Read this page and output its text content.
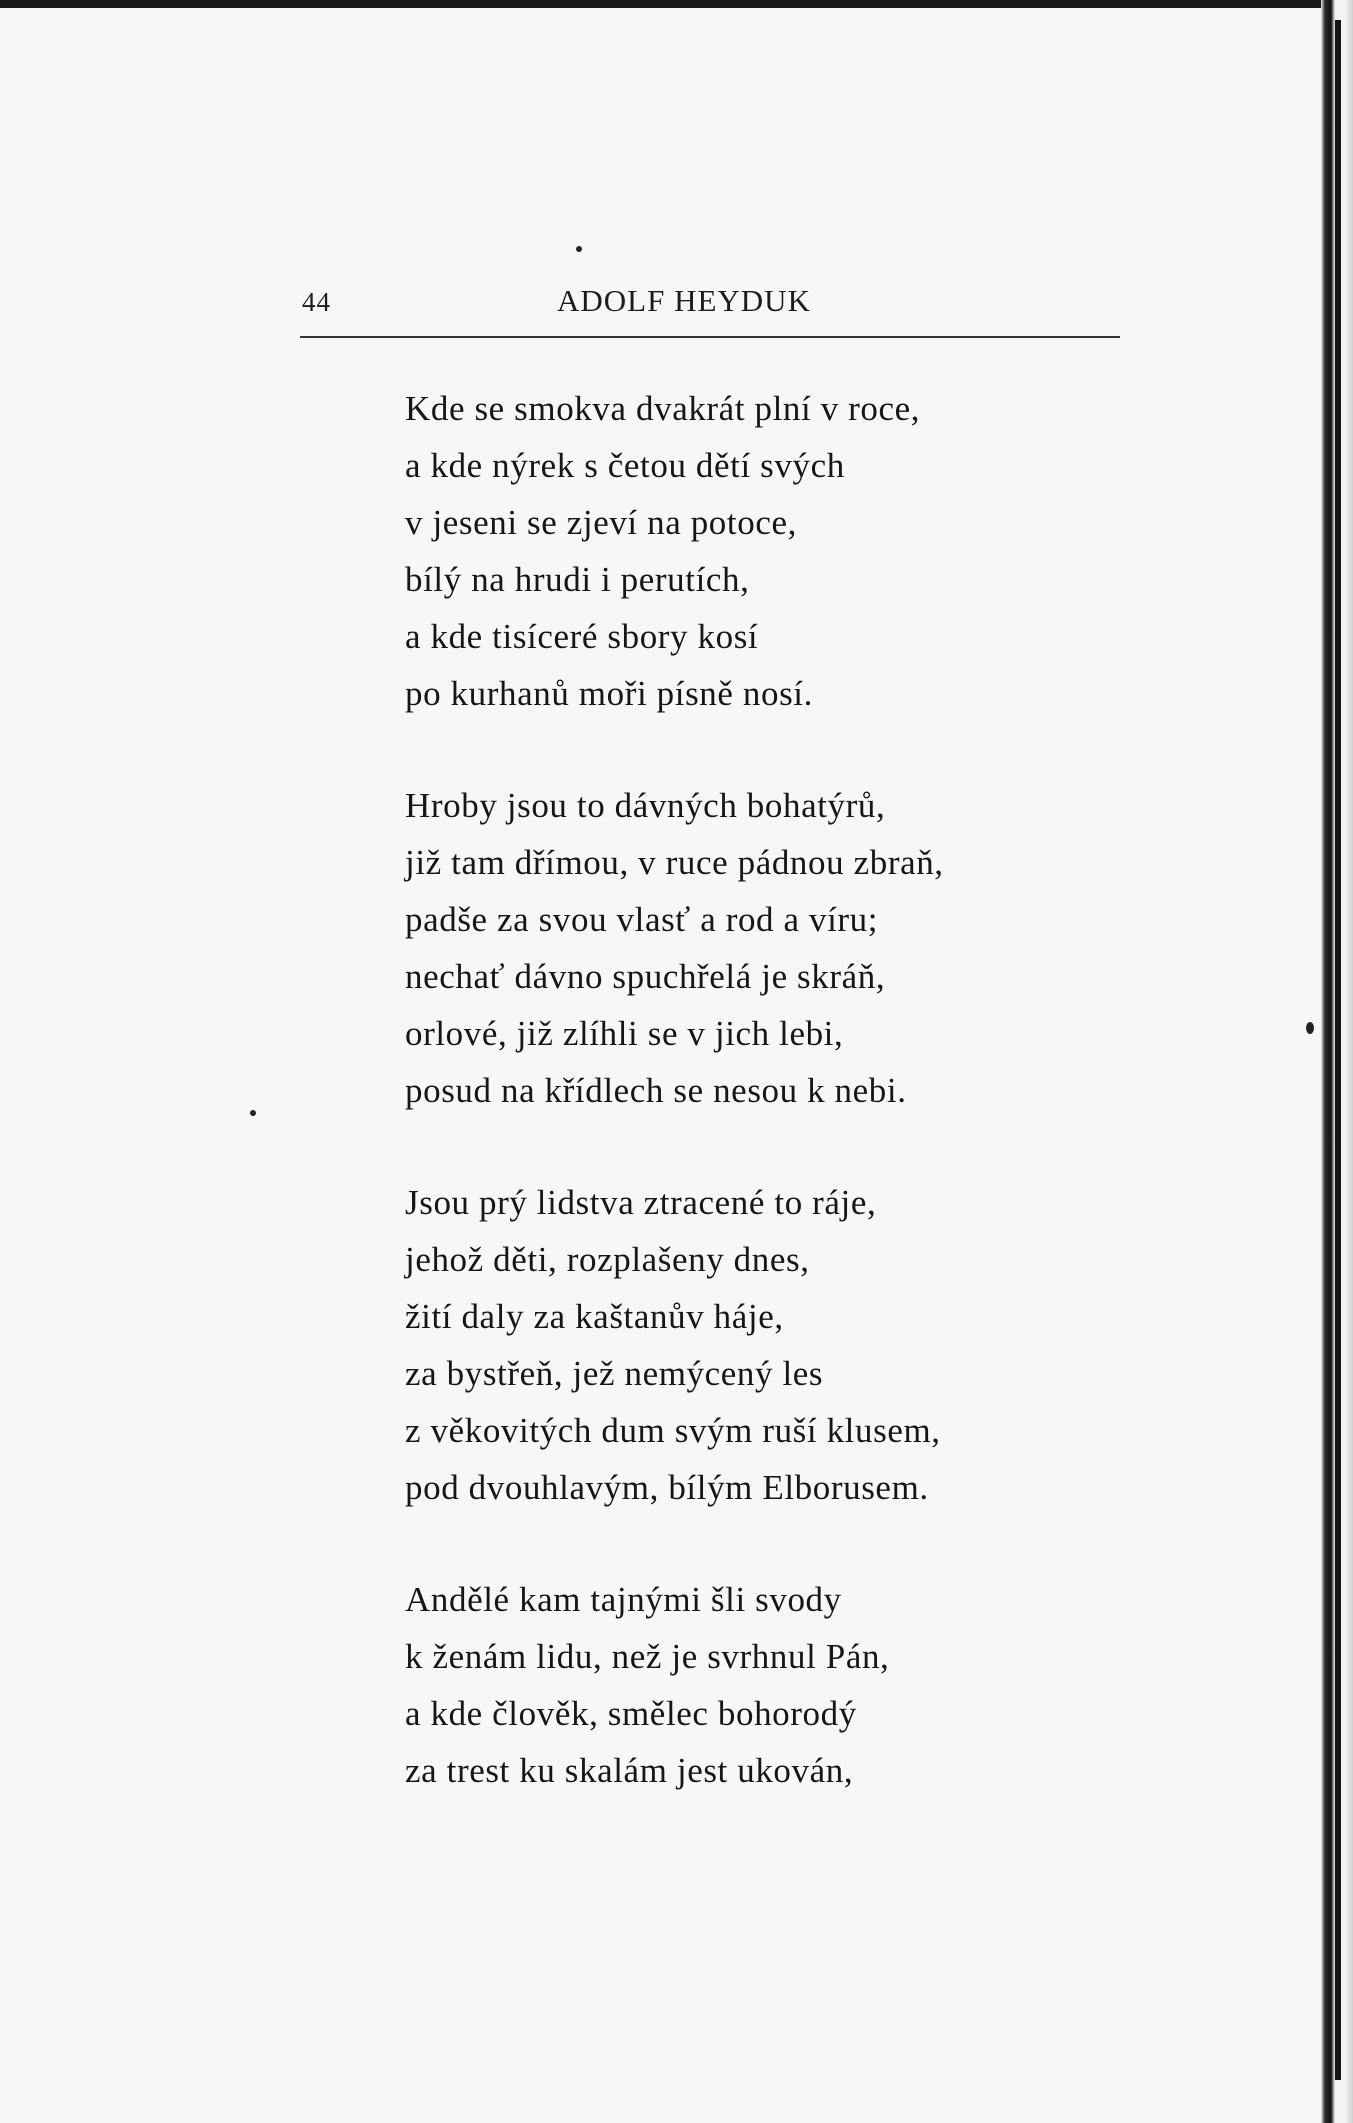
44	ADOLF HEYDUK
Kde se smokva dvakrát plní v roce,
a kde nýrek s četou dětí svých
v jeseni se zjeví na potoce,
bílý na hrudi i perutích,
a kde tisíceré sbory kosí
po kurhanů moři písně nosí.
Hroby jsou to dávných bohatýrů,
již tam dřímou, v ruce pádnou zbraň,
padše za svou vlasť a rod a víru;
nechať dávno spuchřelá je skráň,
orlové, již zlíhli se v jich lebi,
posud na křídlech se nesou k nebi.
Jsou prý lidstva ztracené to ráje,
jehož děti, rozplašeny dnes,
žití daly za kaštanův háje,
za bystřeň, jež nemýcený les
z věkovitých dum svým ruší klusem,
pod dvouhlavým, bílým Elborusem.
Andělé kam tajnými šli svody
k ženám lidu, než je svrhnul Pán,
a kde člověk, smělec bohorodý
za trest ku skalám jest ukován,
